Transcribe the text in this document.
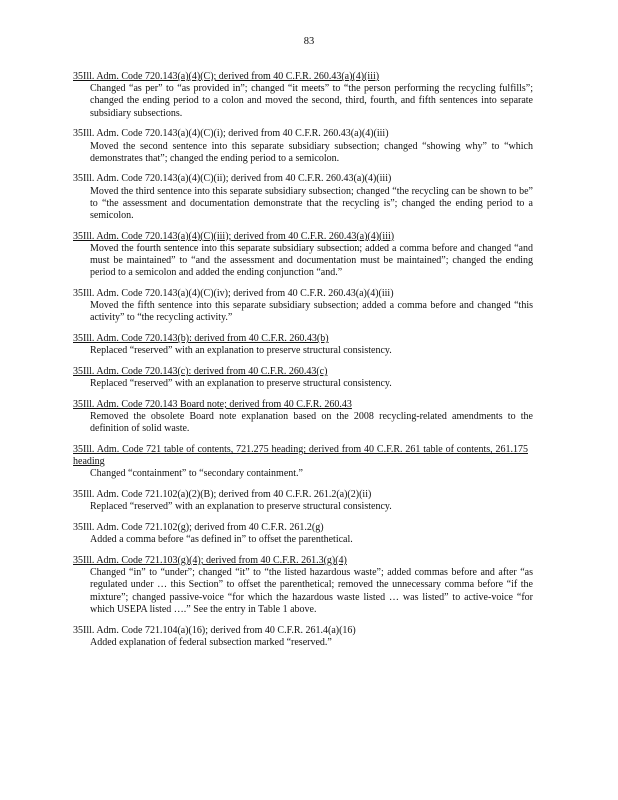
83
35Ill. Adm. Code 720.143(a)(4)(C); derived from 40 C.F.R. 260.43(a)(4)(iii)
Changed “as per” to “as provided in”; changed “it meets” to “the person performing the recycling fulfills”; changed the ending period to a colon and moved the second, third, fourth, and fifth sentences into separate subsidiary subsections.
35Ill. Adm. Code 720.143(a)(4)(C)(i); derived from 40 C.F.R. 260.43(a)(4)(iii)
Moved the second sentence into this separate subsidiary subsection; changed “showing why” to “which demonstrates that”; changed the ending period to a semicolon.
35Ill. Adm. Code 720.143(a)(4)(C)(ii); derived from 40 C.F.R. 260.43(a)(4)(iii)
Moved the third sentence into this separate subsidiary subsection; changed “the recycling can be shown to be” to “the assessment and documentation demonstrate that the recycling is”; changed the ending period to a semicolon.
35Ill. Adm. Code 720.143(a)(4)(C)(iii); derived from 40 C.F.R. 260.43(a)(4)(iii)
Moved the fourth sentence into this separate subsidiary subsection; added a comma before and changed “and must be maintained” to “and the assessment and documentation must be maintained”; changed the ending period to a semicolon and added the ending conjunction “and.”
35Ill. Adm. Code 720.143(a)(4)(C)(iv); derived from 40 C.F.R. 260.43(a)(4)(iii)
Moved the fifth sentence into this separate subsidiary subsection; added a comma before and changed “this activity” to “the recycling activity.”
35Ill. Adm. Code 720.143(b): derived from 40 C.F.R. 260.43(b)
Replaced “reserved” with an explanation to preserve structural consistency.
35Ill. Adm. Code 720.143(c): derived from 40 C.F.R. 260.43(c)
Replaced “reserved” with an explanation to preserve structural consistency.
35Ill. Adm. Code 720.143 Board note; derived from 40 C.F.R. 260.43
Removed the obsolete Board note explanation based on the 2008 recycling-related amendments to the definition of solid waste.
35Ill. Adm. Code 721 table of contents, 721.275 heading; derived from 40 C.F.R. 261 table of contents, 261.175 heading
Changed “containment” to “secondary containment.”
35Ill. Adm. Code 721.102(a)(2)(B); derived from 40 C.F.R. 261.2(a)(2)(ii)
Replaced “reserved” with an explanation to preserve structural consistency.
35Ill. Adm. Code 721.102(g); derived from 40 C.F.R. 261.2(g)
Added a comma before “as defined in” to offset the parenthetical.
35Ill. Adm. Code 721.103(g)(4); derived from 40 C.F.R. 261.3(g)(4)
Changed “in” to “under”; changed “it” to “the listed hazardous waste”; added commas before and after “as regulated under … this Section” to offset the parenthetical; removed the unnecessary comma before “if the mixture”; changed passive-voice “for which the hazardous waste listed … was listed” to active-voice “for which USEPA listed ….” See the entry in Table 1 above.
35Ill. Adm. Code 721.104(a)(16); derived from 40 C.F.R. 261.4(a)(16)
Added explanation of federal subsection marked “reserved.”
